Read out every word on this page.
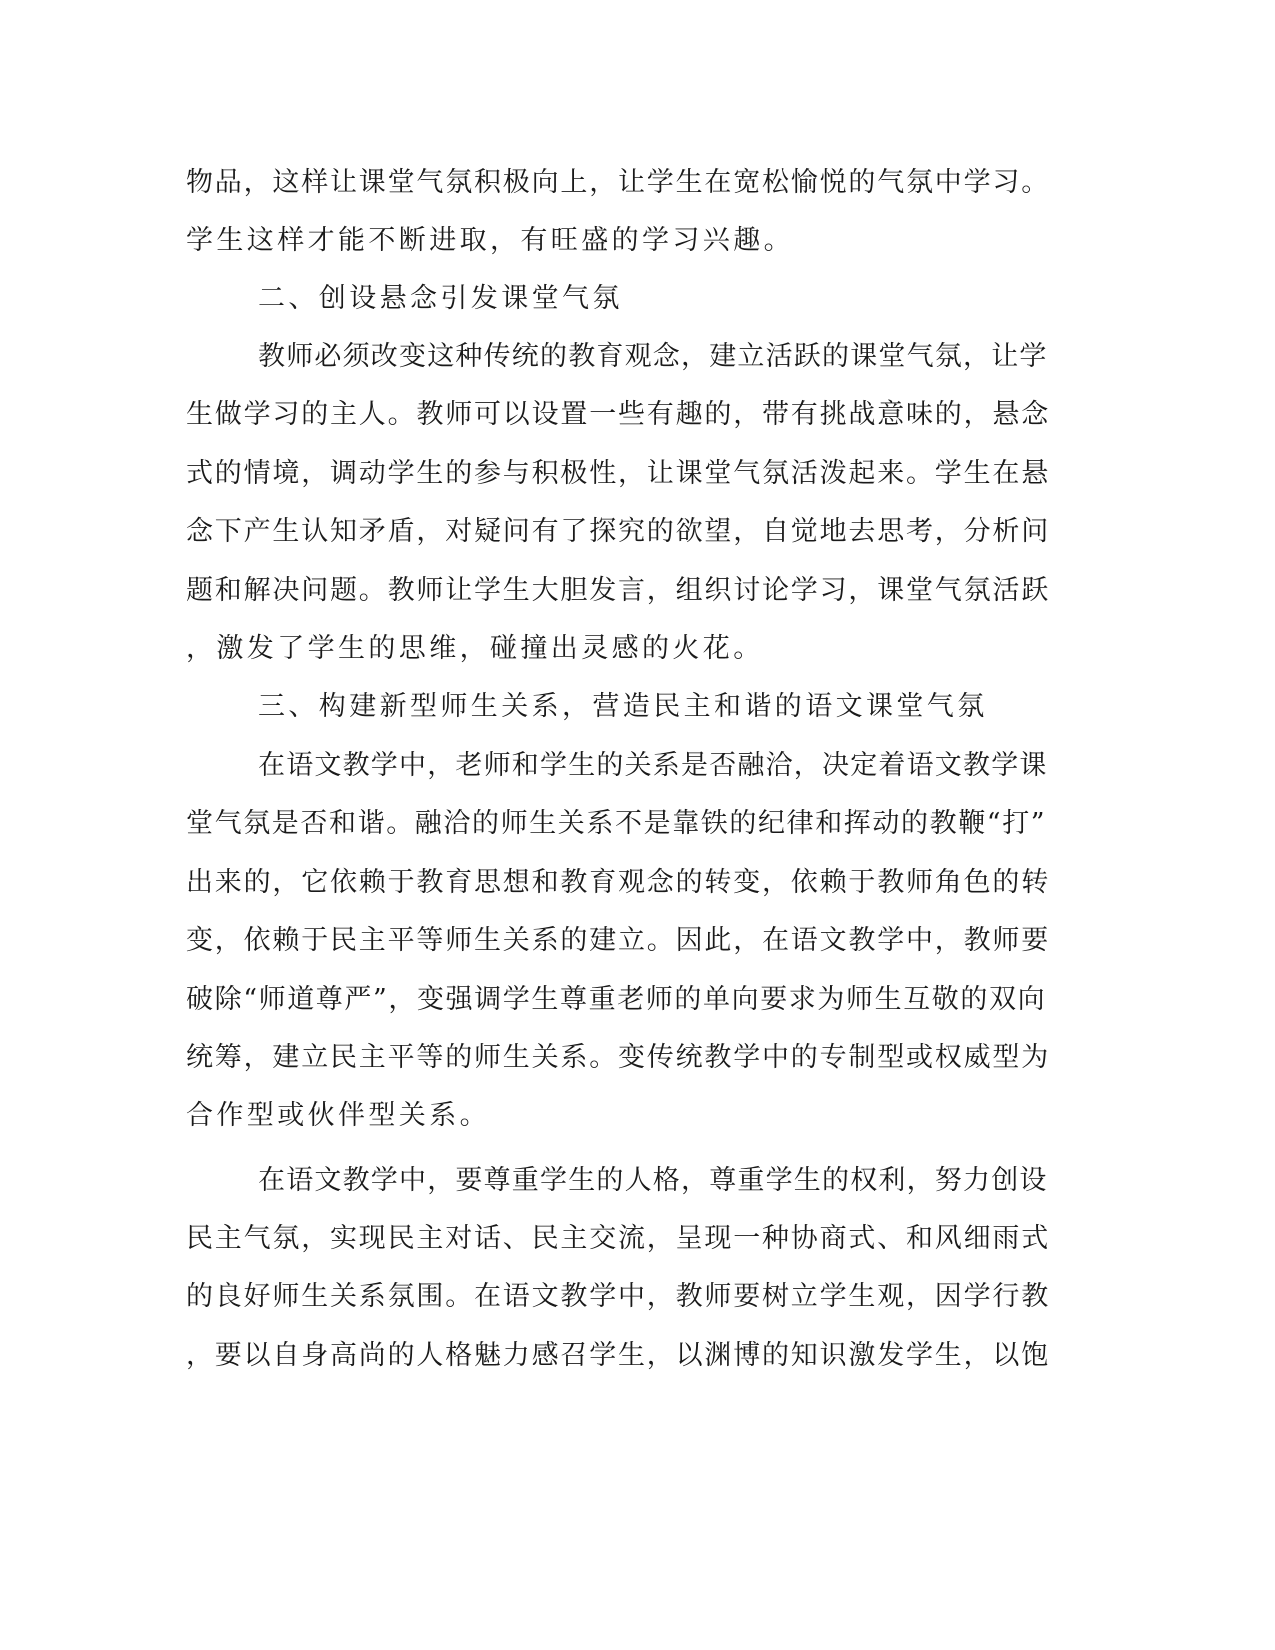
物品，这样让课堂气氛积极向上，让学生在宽松愉悦的气氛中学习。
学生这样才能不断进取，有旺盛的学习兴趣。
二、创设悬念引发课堂气氛
教师必须改变这种传统的教育观念，建立活跃的课堂气氛，让学
生做学习的主人。教师可以设置一些有趣的，带有挑战意味的，悬念
式的情境，调动学生的参与积极性，让课堂气氛活泼起来。学生在悬
念下产生认知矛盾，对疑问有了探究的欲望，自觉地去思考，分析问
题和解决问题。教师让学生大胆发言，组织讨论学习，课堂气氛活跃
，激发了学生的思维，碰撞出灵感的火花。
三、构建新型师生关系，营造民主和谐的语文课堂气氛
在语文教学中，老师和学生的关系是否融洽，决定着语文教学课
堂气氛是否和谐。融洽的师生关系不是靠铁的纪律和挥动的教鞭“打”
出来的，它依赖于教育思想和教育观念的转变，依赖于教师角色的转
变，依赖于民主平等师生关系的建立。因此，在语文教学中，教师要
破除“师道尊严”，变强调学生尊重老师的单向要求为师生互敬的双向
统筹，建立民主平等的师生关系。变传统教学中的专制型或权威型为
合作型或伙伴型关系。
在语文教学中，要尊重学生的人格，尊重学生的权利，努力创设
民主气氛，实现民主对话、民主交流，呈现一种协商式、和风细雨式
的良好师生关系氛围。在语文教学中，教师要树立学生观，因学行教
，要以自身高尚的人格魅力感召学生，以渊博的知识激发学生，以饱
